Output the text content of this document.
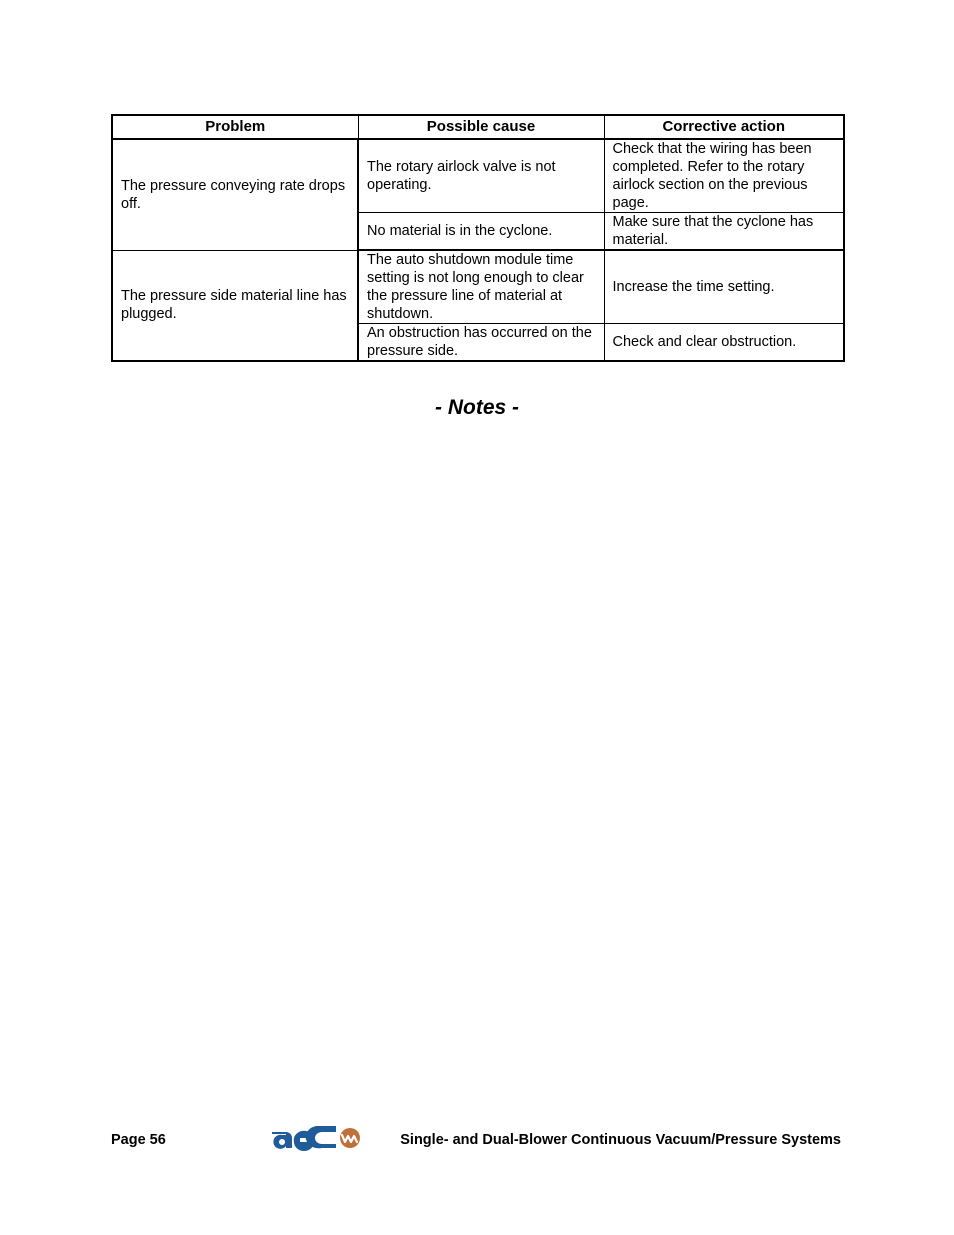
Problem	Possible cause	Corrective action
The pressure conveying rate drops off.	The rotary airlock valve is not operating.	Check that the wiring has been completed. Refer to the rotary airlock section on the previous page.
	No material is in the cyclone.	Make sure that the cyclone has material.
The pressure side material line has plugged.	The auto shutdown module time setting is not long enough to clear the pressure line of material at shutdown.	Increase the time setting.
	An obstruction has occurred on the pressure side.	Check and clear obstruction.
- Notes -
Page 56	Single- and Dual-Blower Continuous Vacuum/Pressure Systems
